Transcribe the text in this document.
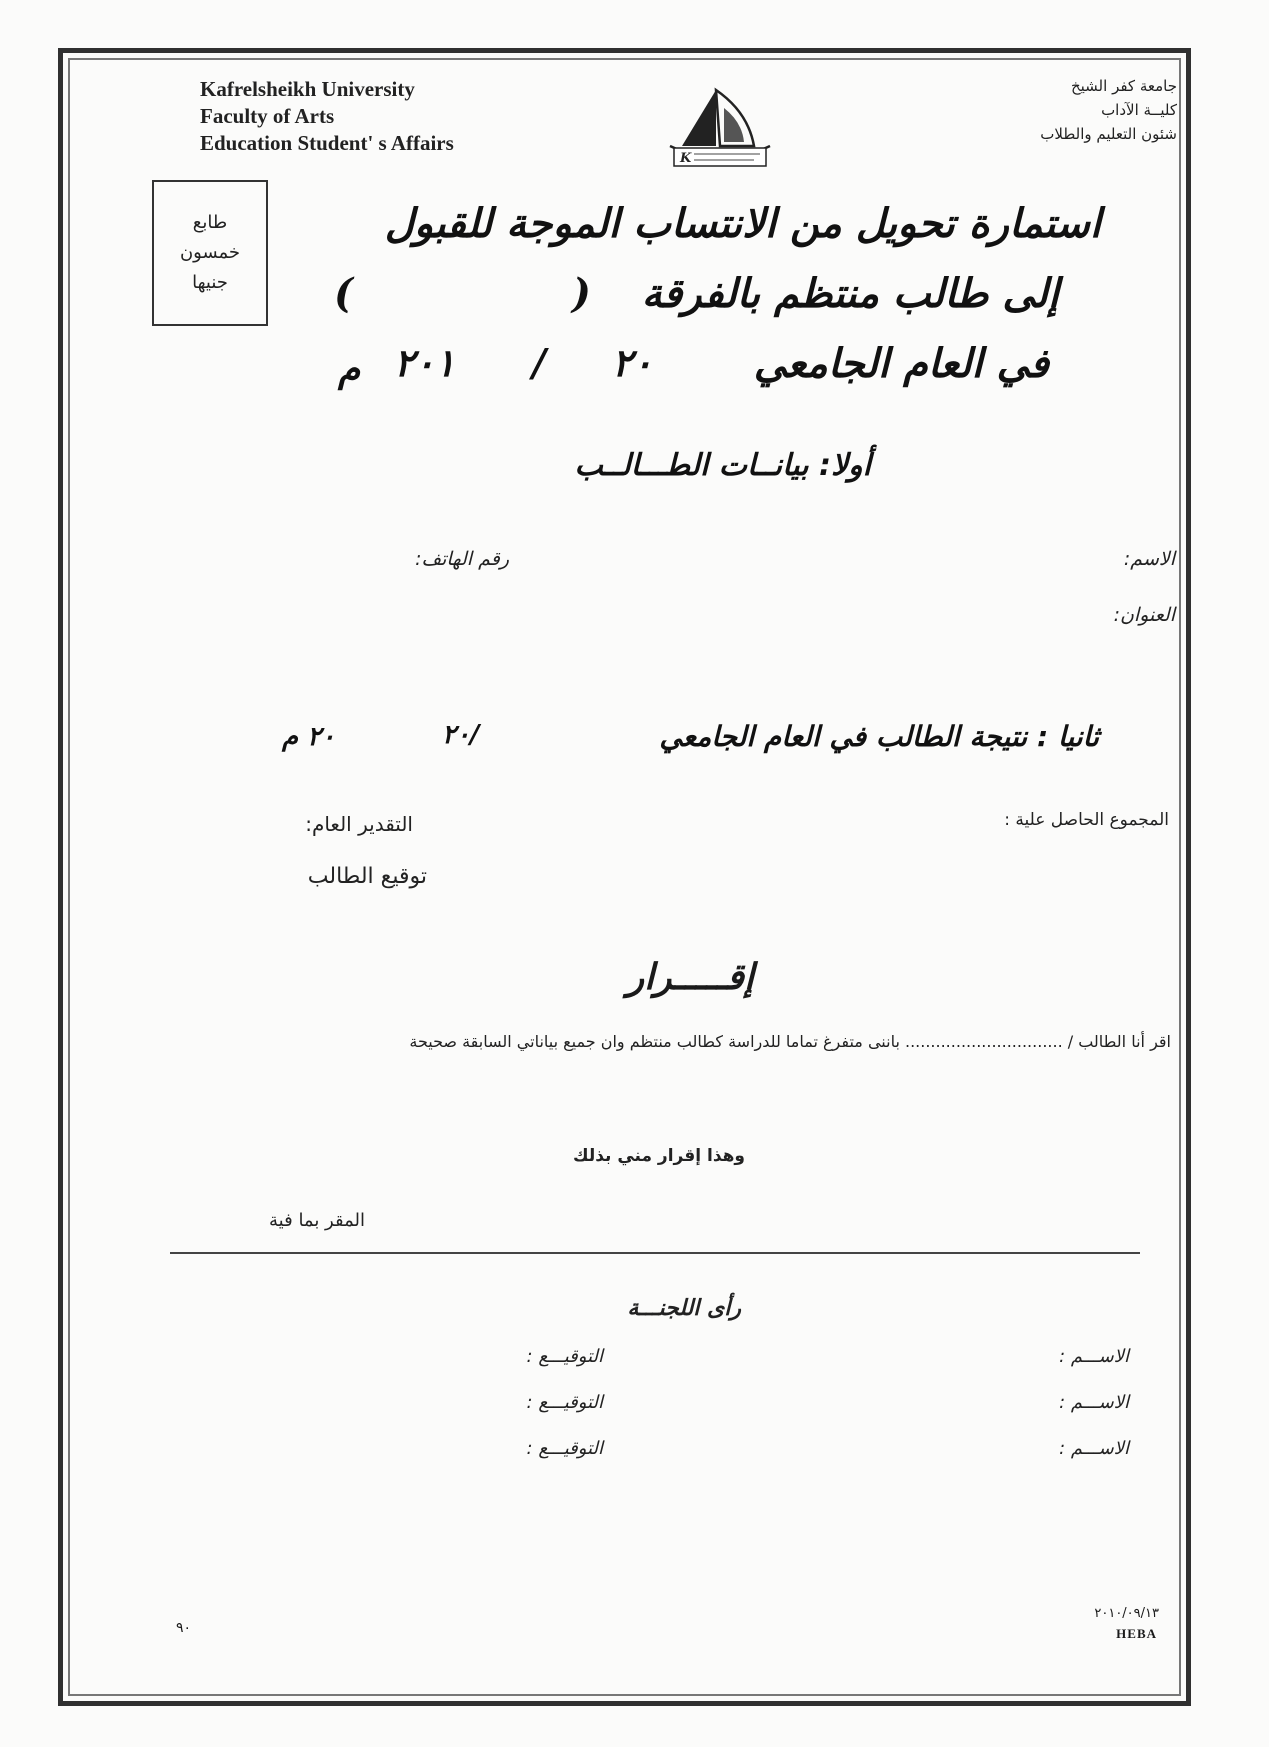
Kafrelsheikh University
Faculty of Arts
Education Student' s Affairs
K
جامعة كفر الشيخ
كليــة الآداب
شئون التعليم والطلاب
طابع
خمسون
جنيها
استمارة تحويل من الانتساب الموجة للقبول
إلى طالب منتظم بالفرقة
(
)
في العام الجامعي
٢٠
/
٢٠١
م
أولا: بيانــات الطـــالــب
الاسم:
رقم الهاتف:
العنوان:
ثانيا : نتيجة الطالب في العام الجامعي
/٢٠
٢٠ م
المجموع الحاصل علية :
التقدير العام:
توقيع الطالب
إقـــــرار
اقر أنا الطالب / ............................... باننى متفرغ تماما للدراسة كطالب منتظم وان جميع بياناتي السابقة صحيحة
وهذا إقرار مني بذلك
المقر بما فية
رأى اللجنـــة
الاســـم :
التوقيـــع :
الاســـم :
التوقيـــع :
الاســـم :
التوقيـــع :
٩٠
٢٠١٠/٠٩/١٣
HEBA
